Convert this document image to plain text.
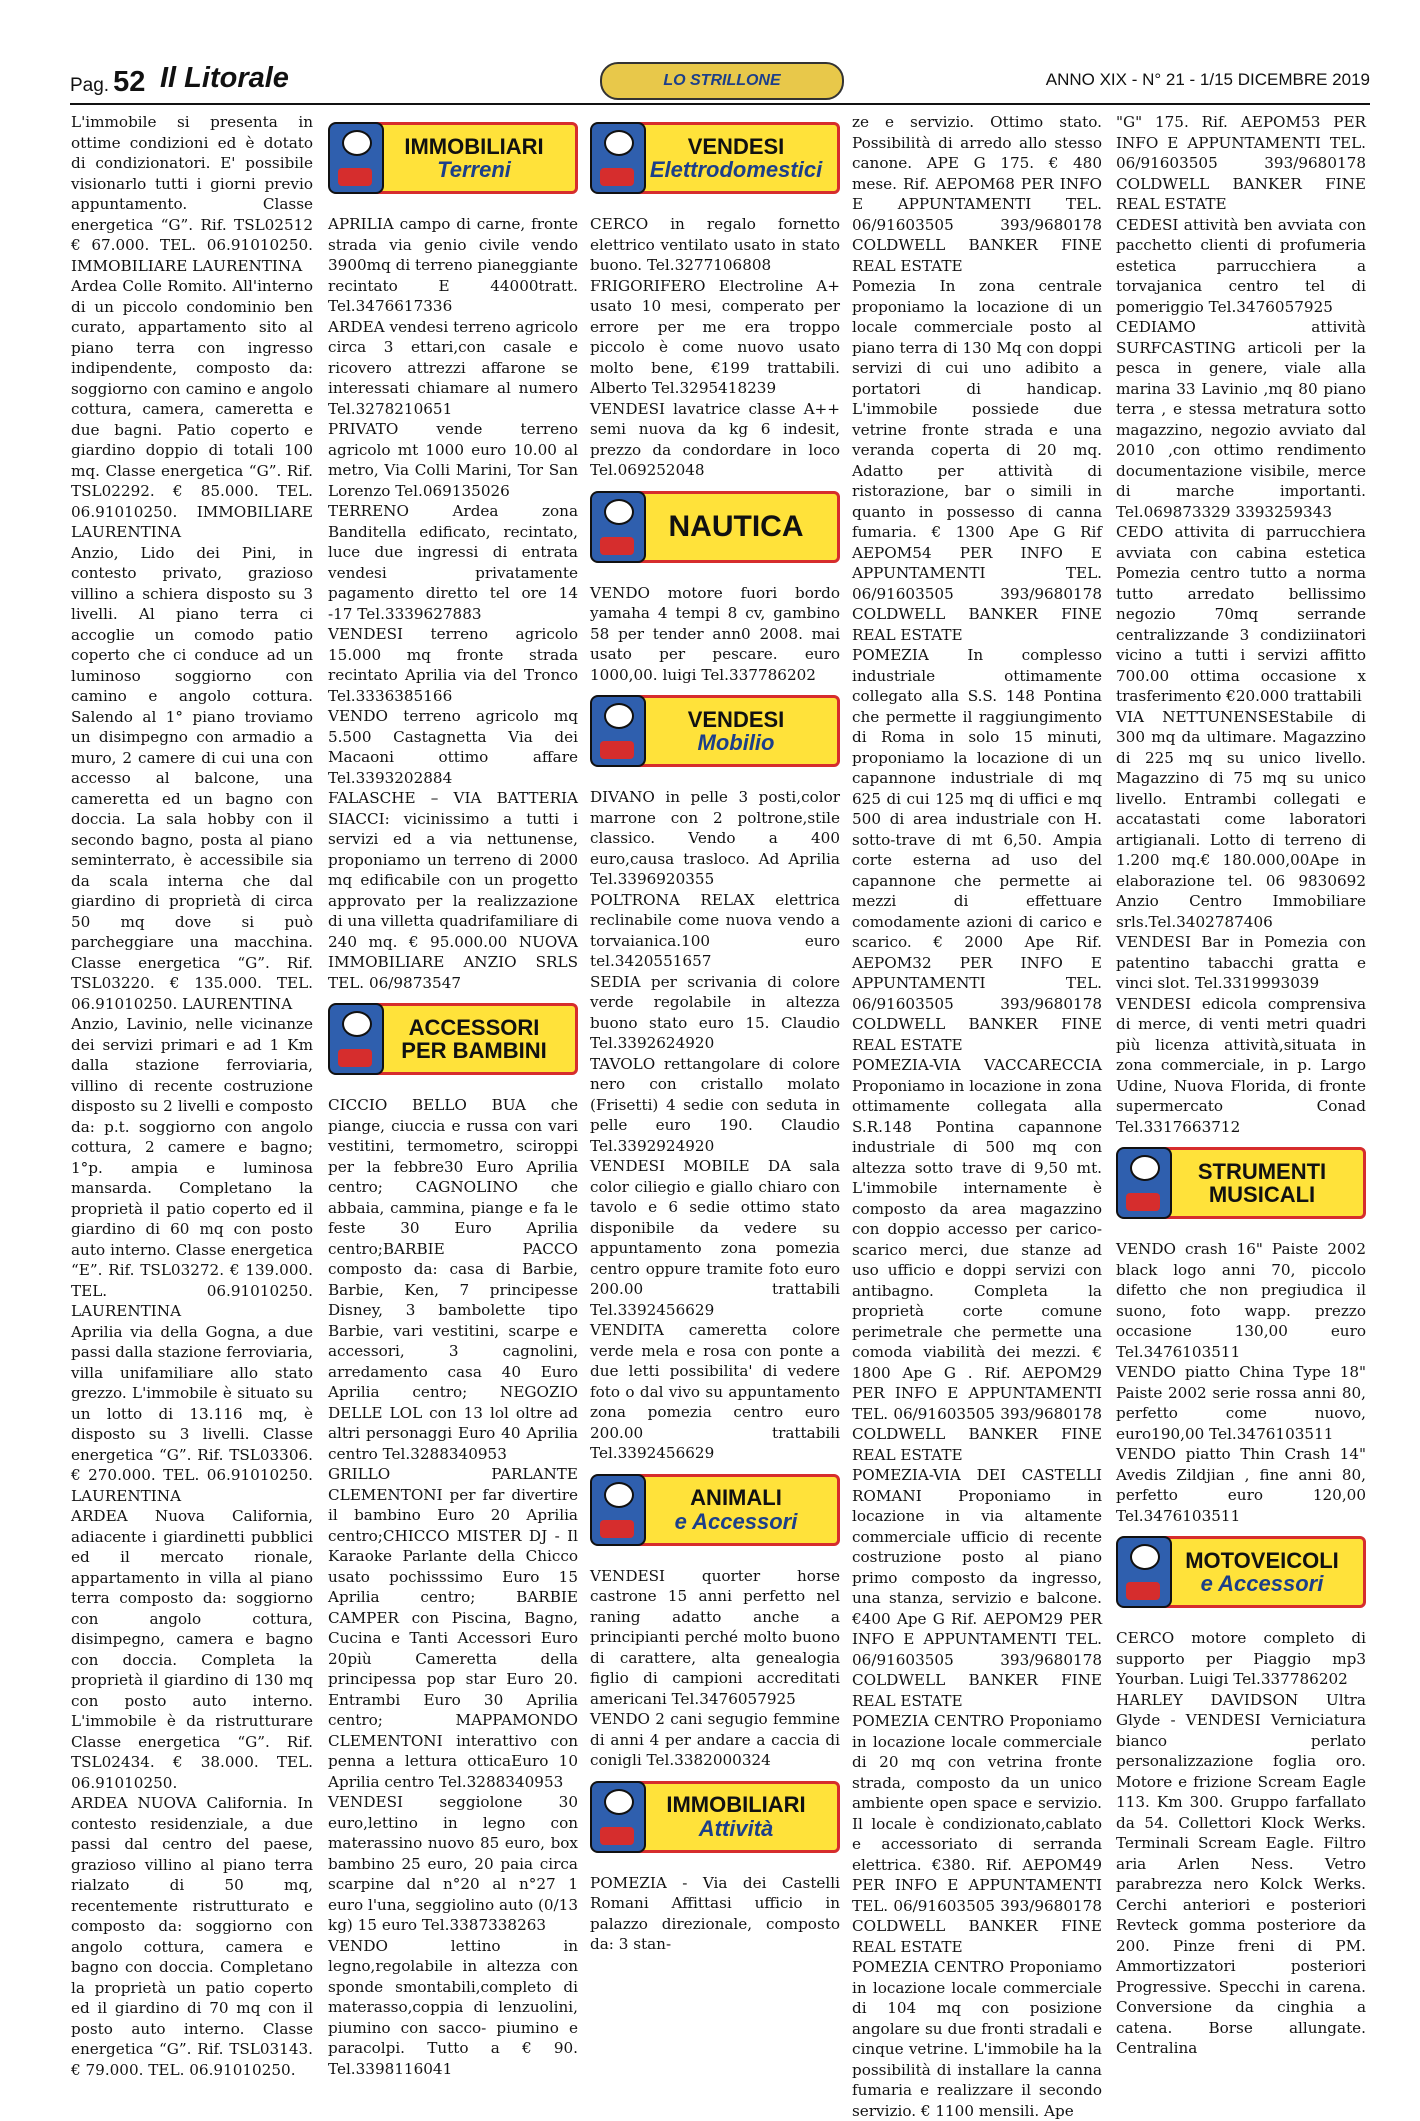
Pag. 52 Il Litorale	LO STRILLONE	ANNO XIX - N° 21 - 1/15 DICEMBRE 2019

L'immobile si presenta in ottime condizioni ed è dotato di condizionatori. E' possibile visionarlo tutti i giorni previo appuntamento. Classe energetica “G”. Rif. TSL02512 € 67.000. TEL. 06.91010250. IMMOBILIARE LAURENTINA

Ardea Colle Romito. All'interno di un piccolo condominio ben curato, appartamento sito al piano terra con ingresso indipendente, composto da: soggiorno con camino e angolo cottura, camera, cameretta e due bagni. Patio coperto e giardino doppio di totali 100 mq. Classe energetica “G”. Rif. TSL02292. € 85.000. TEL. 06.91010250. IMMOBILIARE LAURENTINA

Anzio, Lido dei Pini, in contesto privato, grazioso villino a schiera disposto su 3 livelli. Al piano terra ci accoglie un comodo patio coperto che ci conduce ad un luminoso soggiorno con camino e angolo cottura. Salendo al 1° piano troviamo un disimpegno con armadio a muro, 2 camere di cui una con accesso al balcone, una cameretta ed un bagno con doccia. La sala hobby con il secondo bagno, posta al piano seminterrato, è accessibile sia da scala interna che dal giardino di proprietà di circa 50 mq dove si può parcheggiare una macchina. Classe energetica “G”. Rif. TSL03220. € 135.000. TEL. 06.91010250. LAURENTINA

Anzio, Lavinio, nelle vicinanze dei servizi primari e ad 1 Km dalla stazione ferroviaria, villino di recente costruzione disposto su 2 livelli e composto da: p.t. soggiorno con angolo cottura, 2 camere e bagno; 1°p. ampia e luminosa mansarda. Completano la proprietà il patio coperto ed il giardino di 60 mq con posto auto interno. Classe energetica “E”. Rif. TSL03272. € 139.000. TEL. 06.91010250. LAURENTINA

Aprilia via della Gogna, a due passi dalla stazione ferroviaria, villa unifamiliare allo stato grezzo. L'immobile è situato su un lotto di 13.116 mq, è disposto su 3 livelli. Classe energetica “G”. Rif. TSL03306. € 270.000. TEL. 06.91010250. LAURENTINA

ARDEA Nuova California, adiacente i giardinetti pubblici ed il mercato rionale, appartamento in villa al piano terra composto da: soggiorno con angolo cottura, disimpegno, camera e bagno con doccia. Completa la proprietà il giardino di 130 mq con posto auto interno. L'immobile è da ristrutturare Classe energetica “G”. Rif. TSL02434. € 38.000. TEL. 06.91010250.

ARDEA NUOVA California. In contesto residenziale, a due passi dal centro del paese, grazioso villino al piano terra rialzato di 50 mq, recentemente ristrutturato e composto da: soggiorno con angolo cottura, camera e bagno con doccia. Completano la proprietà un patio coperto ed il giardino di 70 mq con il posto auto interno. Classe energetica “G”. Rif. TSL03143. € 79.000. TEL. 06.91010250.

IMMOBILIARI
Terreni

APRILIA campo di carne, fronte strada via genio civile vendo 3900mq di terreno pianeggiante recintato E 44000tratt. Tel.3476617336

ARDEA vendesi terreno agricolo circa 3 ettari,con casale e ricovero attrezzi affarone se interessati chiamare al numero Tel.3278210651

PRIVATO vende terreno agricolo mt 1000 euro 10.00 al metro, Via Colli Marini, Tor San Lorenzo Tel.069135026

TERRENO Ardea zona Banditella edificato, recintato, luce due ingressi di entrata vendesi privatamente pagamento diretto tel ore 14 -17 Tel.3339627883

VENDESI terreno agricolo 15.000 mq fronte strada recintato Aprilia via del Tronco Tel.3336385166

VENDO terreno agricolo mq 5.500 Castagnetta Via dei Macaoni ottimo affare Tel.3393202884

FALASCHE – VIA BATTERIA SIACCI: vicinissimo a tutti i servizi ed a via nettunense, proponiamo un terreno di 2000 mq edificabile con un progetto approvato per la realizzazione di una villetta quadrifamiliare di 240 mq. € 95.000.00 NUOVA IMMOBILIARE ANZIO SRLS TEL. 06/9873547

ACCESSORI
PER BAMBINI

CICCIO BELLO BUA che piange, ciuccia e russa con vari vestitini, termometro, sciroppi per la febbre30 Euro Aprilia centro; CAGNOLINO che abbaia, cammina, piange e fa le feste 30 Euro Aprilia centro;BARBIE PACCO composto da: casa di Barbie, Barbie, Ken, 7 principesse Disney, 3 bambolette tipo Barbie, vari vestitini, scarpe e accessori, 3 cagnolini, arredamento casa 40 Euro Aprilia centro; NEGOZIO DELLE LOL con 13 lol oltre ad altri personaggi Euro 40 Aprilia centro Tel.3288340953

GRILLO PARLANTE CLEMENTONI per far divertire il bambino Euro 20 Aprilia centro;CHICCO MISTER DJ - Il Karaoke Parlante della Chicco usato pochisssimo Euro 15 Aprilia centro; BARBIE CAMPER con Piscina, Bagno, Cucina e Tanti Accessori Euro 20più Cameretta della principessa pop star Euro 20. Entrambi Euro 30 Aprilia centro; MAPPAMONDO CLEMENTONI interattivo con penna a lettura otticaEuro 10 Aprilia centro Tel.3288340953

VENDESI seggiolone 30 euro,lettino in legno con materassino nuovo 85 euro, box bambino 25 euro, 20 paia circa scarpine dal n°20 al n°27 1 euro l'una, seggiolino auto (0/13 kg) 15 euro Tel.3387338263

VENDO lettino in legno,regolabile in altezza con sponde smontabili,completo di materasso,coppia di lenzuolini, piumino con sacco- piumino e paracolpi. Tutto a € 90. Tel.3398116041

VENDESI
Elettrodomestici

CERCO in regalo fornetto elettrico ventilato usato in stato buono. Tel.3277106808

FRIGORIFERO Electroline A+ usato 10 mesi, comperato per errore per me era troppo piccolo è come nuovo usato molto bene, €199 trattabili. Alberto Tel.3295418239

VENDESI lavatrice classe A++ semi nuova da kg 6 indesit, prezzo da condordare in loco Tel.069252048

NAUTICA

VENDO motore fuori bordo yamaha 4 tempi 8 cv, gambino 58 per tender ann0 2008. mai usato per pescare. euro 1000,00. luigi Tel.337786202

VENDESI
Mobilio

DIVANO in pelle 3 posti,color marrone con 2 poltrone,stile classico. Vendo a 400 euro,causa trasloco. Ad Aprilia Tel.3396920355

POLTRONA RELAX elettrica reclinabile come nuova vendo a torvaianica.100 euro tel.3420551657

SEDIA per scrivania di colore verde regolabile in altezza buono stato euro 15. Claudio Tel.3392624920

TAVOLO rettangolare di colore nero con cristallo molato (Frisetti) 4 sedie con seduta in pelle euro 190. Claudio Tel.3392924920

VENDESI MOBILE DA sala color ciliegio e giallo chiaro con tavolo e 6 sedie ottimo stato disponibile da vedere su appuntamento zona pomezia centro oppure tramite foto euro 200.00 trattabili Tel.3392456629

VENDITA cameretta colore verde mela e rosa con ponte a due letti possibilita' di vedere foto o dal vivo su appuntamento zona pomezia centro euro 200.00 trattabili Tel.3392456629

ANIMALI
e Accessori

VENDESI quorter horse castrone 15 anni perfetto nel raning adatto anche a principianti perché molto buono di carattere, alta genealogia figlio di campioni accreditati americani Tel.3476057925

VENDO 2 cani segugio femmine di anni 4 per andare a caccia di conigli Tel.3382000324

IMMOBILIARI
Attività

POMEZIA - Via dei Castelli Romani Affittasi ufficio in palazzo direzionale, composto da: 3 stan-

ze e servizio. Ottimo stato. Possibilità di arredo allo stesso canone. APE G 175. € 480 mese. Rif. AEPOM68 PER INFO E APPUNTAMENTI TEL. 06/91603505 393/9680178 COLDWELL BANKER FINE REAL ESTATE

Pomezia In zona centrale proponiamo la locazione di un locale commerciale posto al piano terra di 130 Mq con doppi servizi di cui uno adibito a portatori di handicap. L'immobile possiede due vetrine fronte strada e una veranda coperta di 20 mq. Adatto per attività di ristorazione, bar o simili in quanto in possesso di canna fumaria. € 1300 Ape G Rif AEPOM54 PER INFO E APPUNTAMENTI TEL. 06/91603505 393/9680178 COLDWELL BANKER FINE REAL ESTATE

POMEZIA In complesso industriale ottimamente collegato alla S.S. 148 Pontina che permette il raggiungimento di Roma in solo 15 minuti, proponiamo la locazione di un capannone industriale di mq 625 di cui 125 mq di uffici e mq 500 di area industriale con H. sotto-trave di mt 6,50. Ampia corte esterna ad uso del capannone che permette ai mezzi di effettuare comodamente azioni di carico e scarico. € 2000 Ape Rif. AEPOM32 PER INFO E APPUNTAMENTI TEL. 06/91603505 393/9680178 COLDWELL BANKER FINE REAL ESTATE

POMEZIA-VIA VACCARECCIA Proponiamo in locazione in zona ottimamente collegata alla S.R.148 Pontina capannone industriale di 500 mq con altezza sotto trave di 9,50 mt. L'immobile internamente è composto da area magazzino con doppio accesso per carico-scarico merci, due stanze ad uso ufficio e doppi servizi con antibagno. Completa la proprietà corte comune perimetrale che permette una comoda viabilità dei mezzi. € 1800 Ape G . Rif. AEPOM29 PER INFO E APPUNTAMENTI TEL. 06/91603505 393/9680178 COLDWELL BANKER FINE REAL ESTATE

POMEZIA-VIA DEI CASTELLI ROMANI Proponiamo in locazione in via altamente commerciale ufficio di recente costruzione posto al piano primo composto da ingresso, una stanza, servizio e balcone. €400 Ape G Rif. AEPOM29 PER INFO E APPUNTAMENTI TEL. 06/91603505 393/9680178 COLDWELL BANKER FINE REAL ESTATE

POMEZIA CENTRO Proponiamo in locazione locale commerciale di 20 mq con vetrina fronte strada, composto da un unico ambiente open space e servizio. Il locale è condizionato,cablato e accessoriato di serranda elettrica. €380. Rif. AEPOM49 PER INFO E APPUNTAMENTI TEL. 06/91603505 393/9680178 COLDWELL BANKER FINE REAL ESTATE

POMEZIA CENTRO Proponiamo in locazione locale commerciale di 104 mq con posizione angolare su due fronti stradali e cinque vetrine. L'immobile ha la possibilità di installare la canna fumaria e realizzare il secondo servizio. € 1100 mensili. Ape

"G" 175. Rif. AEPOM53 PER INFO E APPUNTAMENTI TEL. 06/91603505 393/9680178 COLDWELL BANKER FINE REAL ESTATE

CEDESI attività ben avviata con pacchetto clienti di profumeria estetica parrucchiera a torvajanica centro tel di pomeriggio Tel.3476057925

CEDIAMO attività SURFCASTING articoli per la pesca in genere, viale alla marina 33 Lavinio ,mq 80 piano terra , e stessa metratura sotto magazzino, negozio avviato dal 2010 ,con ottimo rendimento documentazione visibile, merce di marche importanti. Tel.069873329 3393259343

CEDO attivita di parrucchiera avviata con cabina estetica Pomezia centro tutto a norma tutto arredato bellissimo negozio 70mq serrande centralizzande 3 condiziinatori vicino a tutti i servizi affitto 700.00 ottima occasione x trasferimento €20.000 trattabili

VIA NETTUNENSEStabile di 300 mq da ultimare. Magazzino di 225 mq su unico livello. Magazzino di 75 mq su unico livello. Entrambi collegati e accatastati come laboratori artigianali. Lotto di terreno di 1.200 mq.€ 180.000,00Ape in elaborazione tel. 06 9830692 Anzio Centro Immobiliare srls.Tel.3402787406

VENDESI Bar in Pomezia con patentino tabacchi gratta e vinci slot. Tel.3319993039

VENDESI edicola comprensiva di merce, di venti metri quadri più licenza attività,situata in zona commerciale, in p. Largo Udine, Nuova Florida, di fronte supermercato Conad Tel.3317663712

STRUMENTI
MUSICALI

VENDO crash 16" Paiste 2002 black logo anni 70, piccolo difetto che non pregiudica il suono, foto wapp. prezzo occasione 130,00 euro Tel.3476103511

VENDO piatto China Type 18" Paiste 2002 serie rossa anni 80, perfetto come nuovo, euro190,00 Tel.3476103511

VENDO piatto Thin Crash 14" Avedis Zildjian , fine anni 80, perfetto euro 120,00 Tel.3476103511

MOTOVEICOLI
e Accessori

CERCO motore completo di supporto per Piaggio mp3 Yourban. Luigi Tel.337786202

HARLEY DAVIDSON Ultra Glyde - VENDESI Verniciatura bianco perlato personalizzazione foglia oro. Motore e frizione Scream Eagle 113. Km 300. Gruppo farfallato da 54. Collettori Klock Werks. Terminali Scream Eagle. Filtro aria Arlen Ness. Vetro parabrezza nero Kolck Werks. Cerchi anteriori e posteriori Revteck gomma posteriore da 200. Pinze freni di PM. Ammortizzatori posteriori Progressive. Specchi in carena. Conversione da cinghia a catena. Borse allungate. Centralina
